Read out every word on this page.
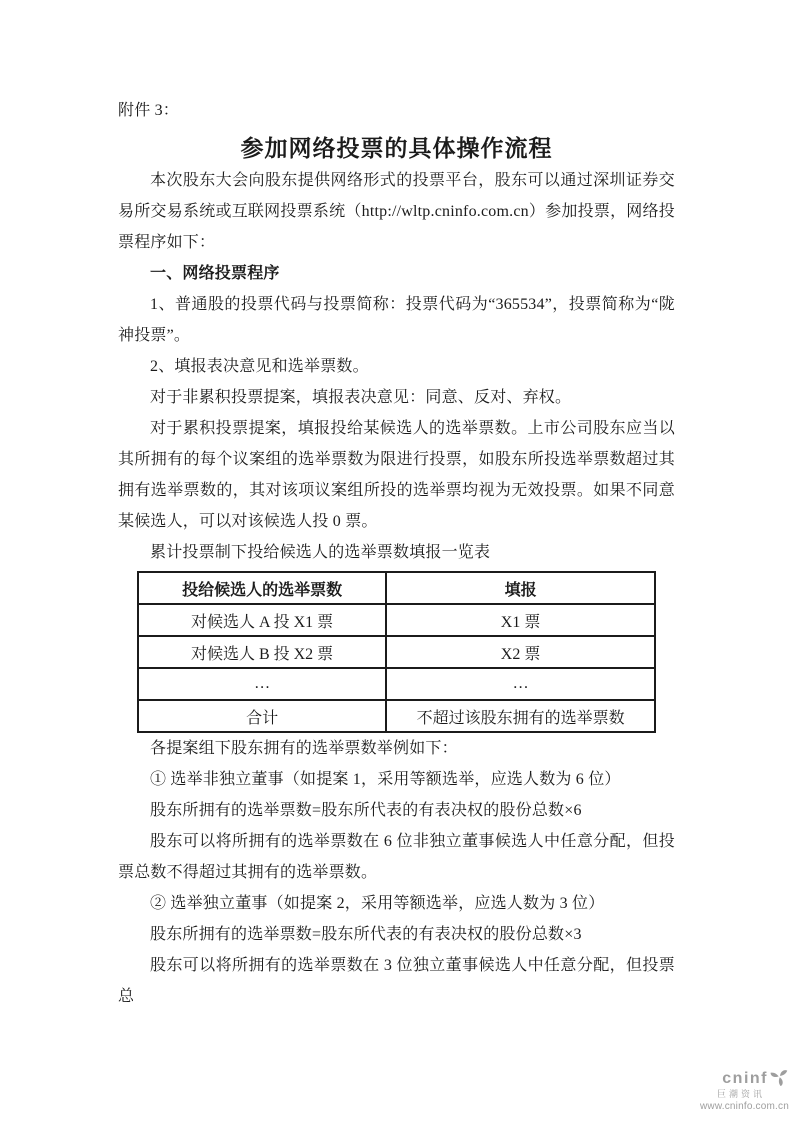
附件 3：

参加网络投票的具体操作流程

本次股东大会向股东提供网络形式的投票平台，股东可以通过深圳证券交易所交易系统或互联网投票系统（http://wltp.cninfo.com.cn）参加投票，网络投票程序如下：

一、网络投票程序

1、普通股的投票代码与投票简称：投票代码为“365534”，投票简称为“陇神投票”。

2、填报表决意见和选举票数。

对于非累积投票提案，填报表决意见：同意、反对、弃权。

对于累积投票提案，填报投给某候选人的选举票数。上市公司股东应当以其所拥有的每个议案组的选举票数为限进行投票，如股东所投选举票数超过其拥有选举票数的，其对该项议案组所投的选举票均视为无效投票。如果不同意某候选人，可以对该候选人投 0 票。

累计投票制下投给候选人的选举票数填报一览表

投给候选人的选举票数	填报
对候选人 A 投 X1 票	X1 票
对候选人 B 投 X2 票	X2 票
…	…
合计	不超过该股东拥有的选举票数

各提案组下股东拥有的选举票数举例如下：

① 选举非独立董事（如提案 1，采用等额选举，应选人数为 6 位）

股东所拥有的选举票数=股东所代表的有表决权的股份总数×6

股东可以将所拥有的选举票数在 6 位非独立董事候选人中任意分配，但投票总数不得超过其拥有的选举票数。

② 选举独立董事（如提案 2，采用等额选举，应选人数为 3 位）

股东所拥有的选举票数=股东所代表的有表决权的股份总数×3

股东可以将所拥有的选举票数在 3 位独立董事候选人中任意分配，但投票总

cninf
巨潮资讯
www.cninfo.com.cn
